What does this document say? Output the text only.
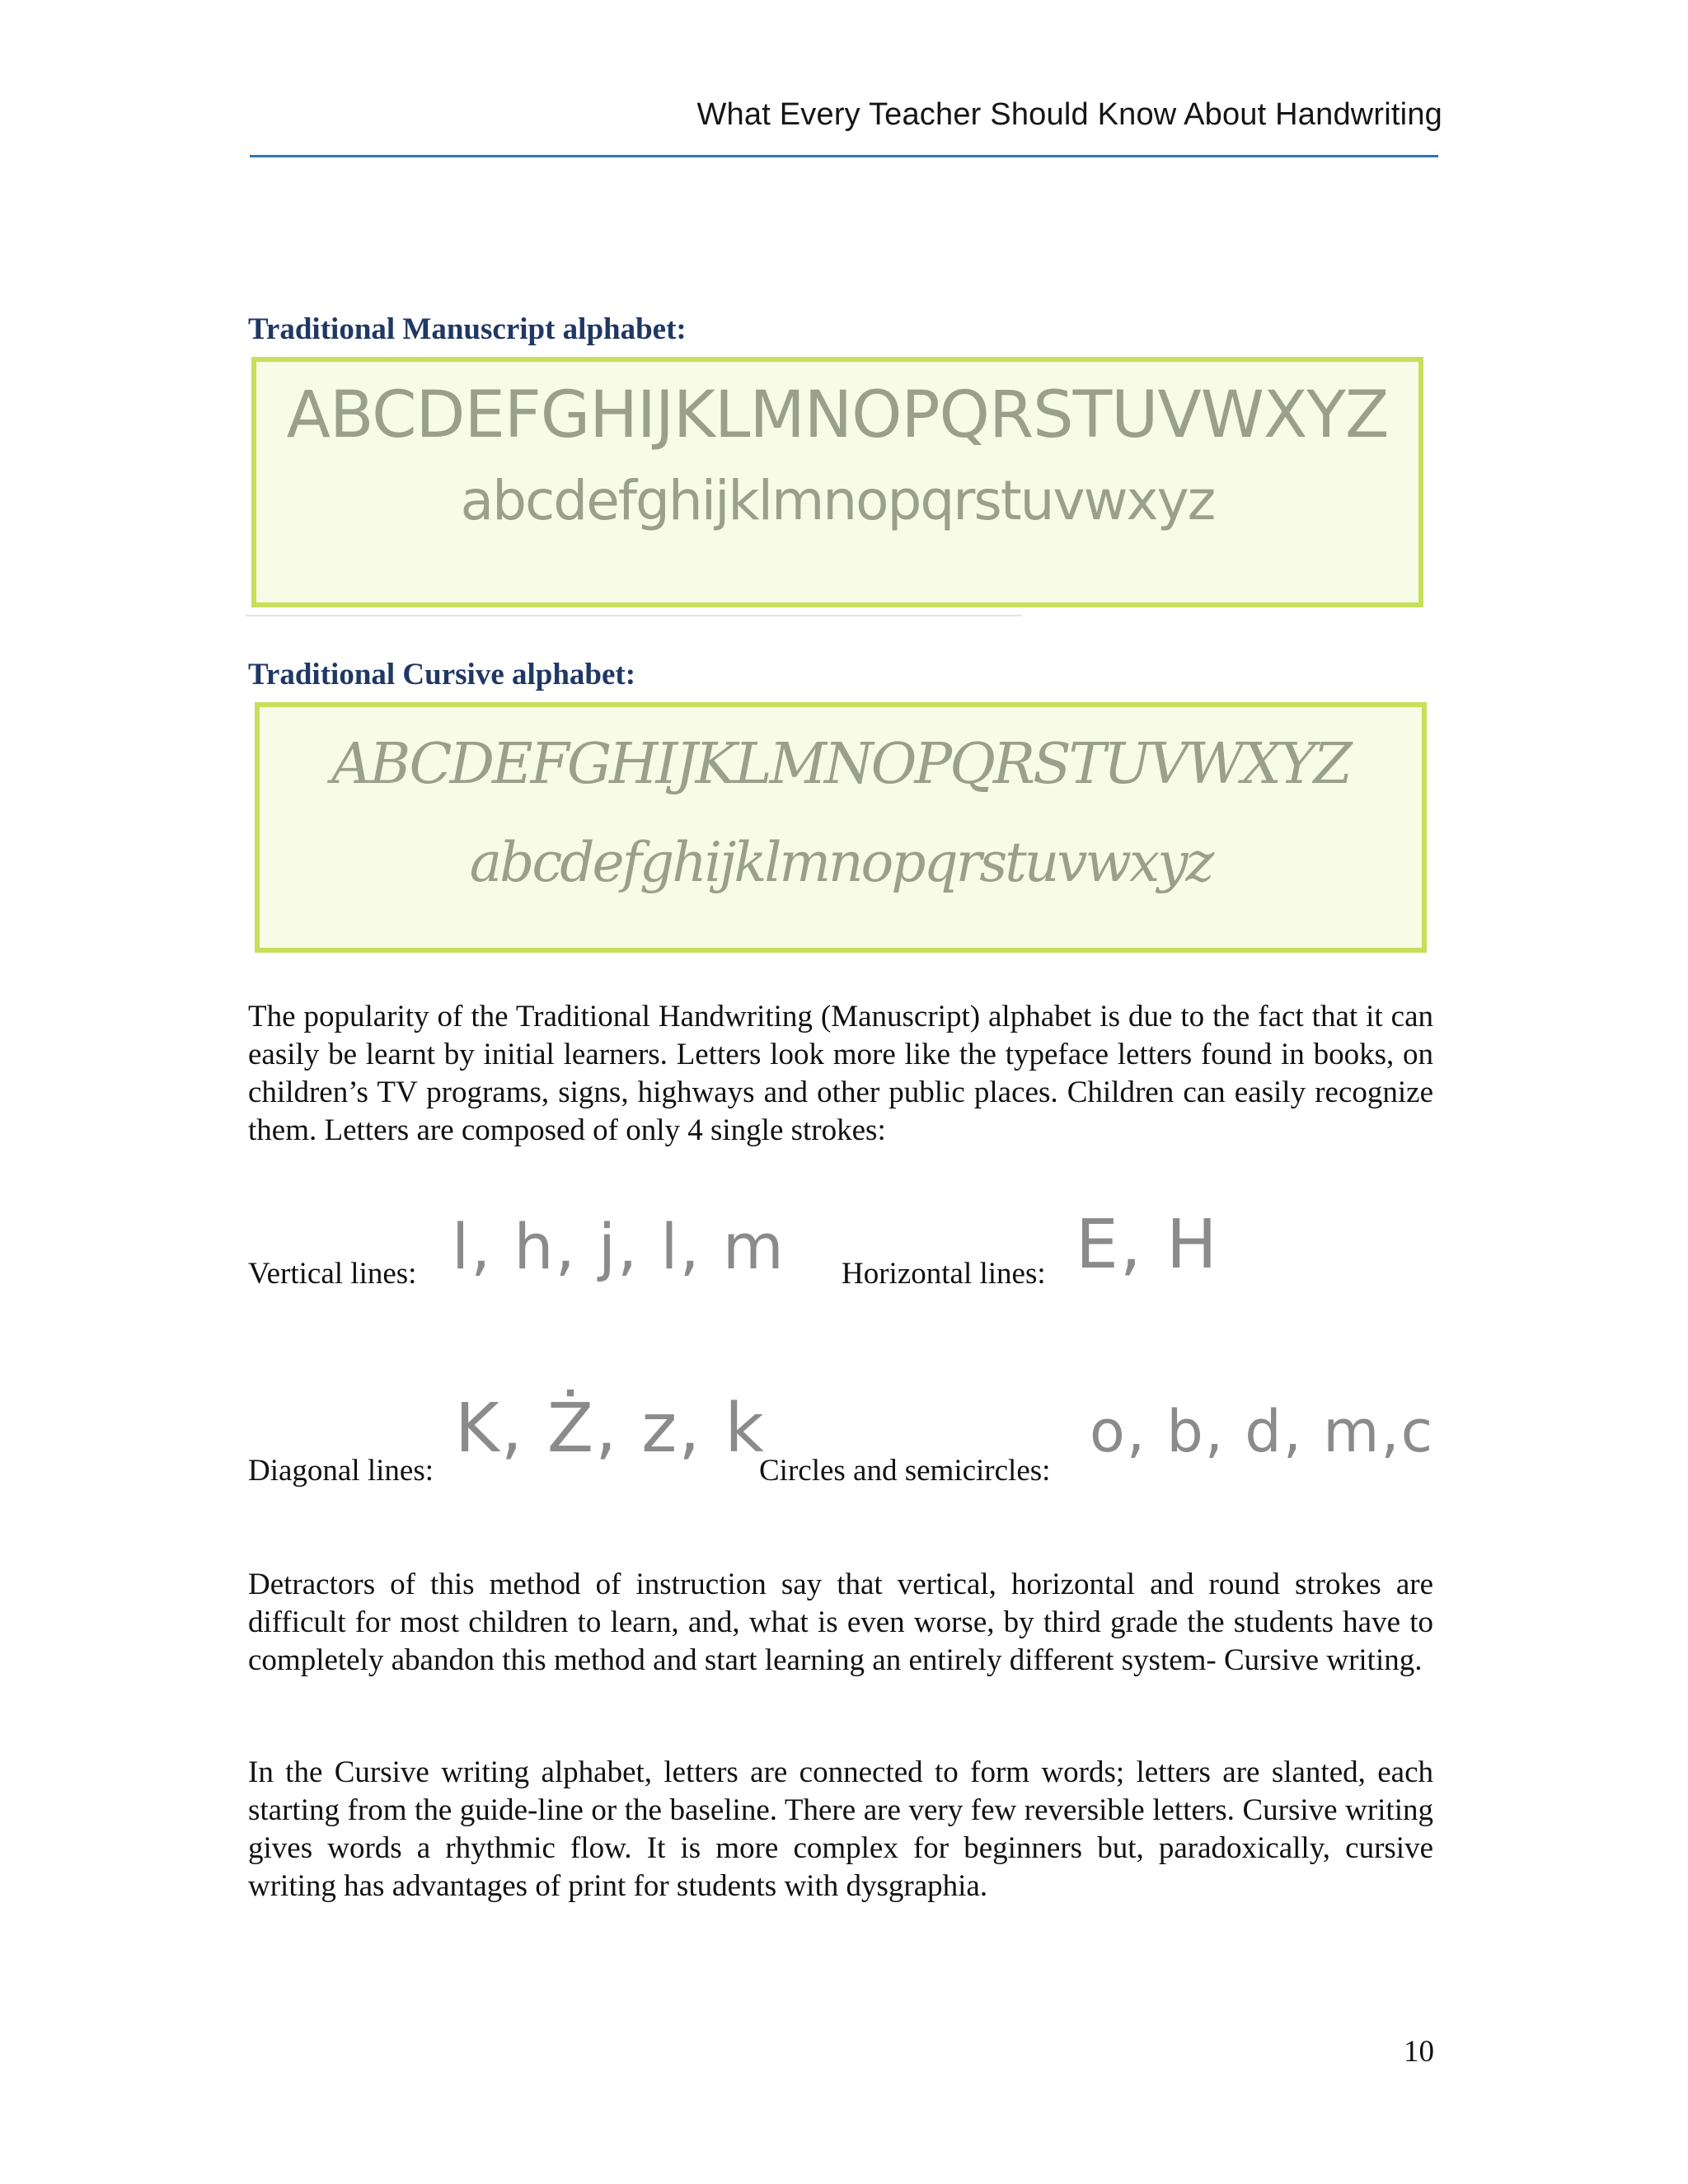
What Every Teacher Should Know About Handwriting
Traditional Manuscript alphabet:
ABCDEFGHIJKLMNOPQRSTUVWXYZ
abcdefghijklmnopqrstuvwxyz
Traditional Cursive alphabet:
ABCDEFGHIJKLMNOPQRSTUVWXYZ
abcdefghijklmnopqrstuvwxyz
The popularity of the Traditional Handwriting (Manuscript) alphabet is due to the fact that it can easily be learnt by initial learners. Letters look more like the typeface letters found in books, on children’s TV programs, signs, highways and other public places. Children can easily recognize them. Letters are composed of only 4 single strokes:
Vertical lines: l, h, j, l, m Horizontal lines: E, H
Diagonal lines:
K, Ż, z, k
Circles and semicircles:
o, b, d, m,c
Detractors of this method of instruction say that vertical, horizontal and round strokes are difficult for most children to learn, and, what is even worse, by third grade the students have to completely abandon this method and start learning an entirely different system- Cursive writing.
In the Cursive writing alphabet, letters are connected to form words; letters are slanted, each starting from the guide-line or the baseline. There are very few reversible letters. Cursive writing gives words a rhythmic flow. It is more complex for beginners but, paradoxically, cursive writing has advantages of print for students with dysgraphia.
10
